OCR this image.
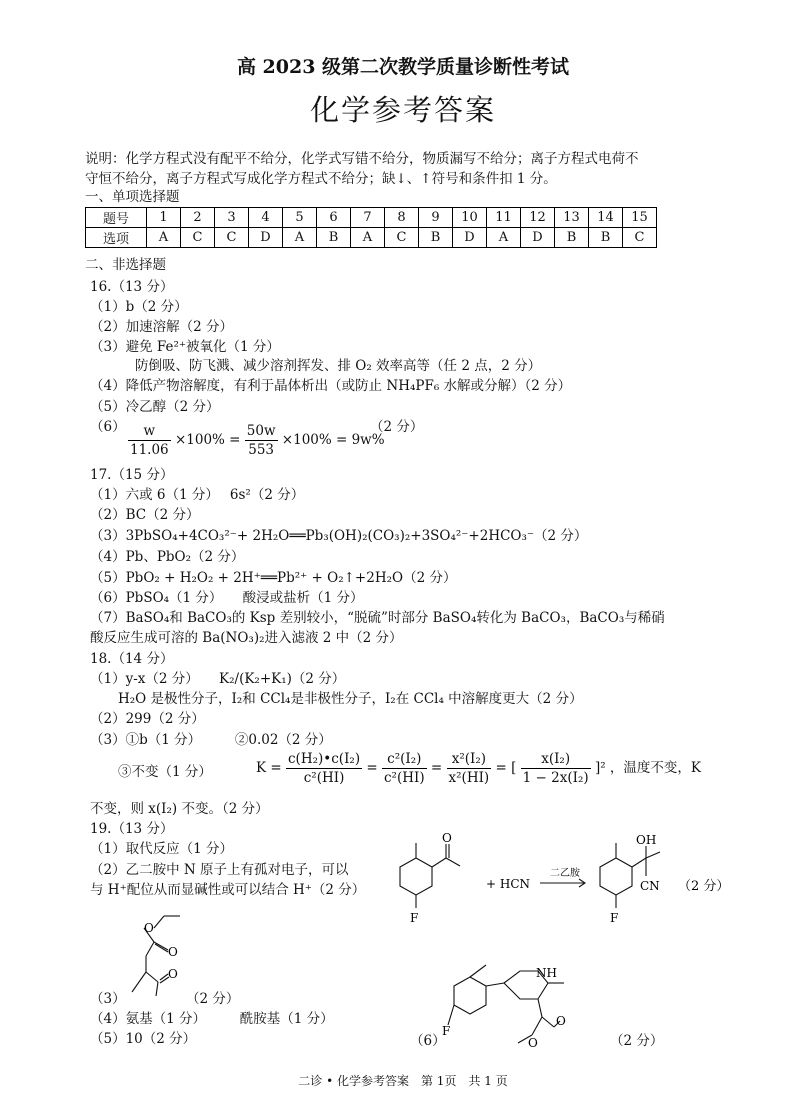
高 2023 级第二次教学质量诊断性考试
化学参考答案
说明：化学方程式没有配平不给分，化学式写错不给分，物质漏写不给分；离子方程式电荷不
守恒不给分，离子方程式写成化学方程式不给分；缺↓、↑符号和条件扣 1 分。
一、单项选择题
题号	1	2	3	4	5	6	7	8	9	10	11	12	13	14	15
选项	A	C	C	D	A	B	A	C	B	D	A	D	B	B	C
二、非选择题
16.（13 分）
（1）b（2 分）
（2）加速溶解（2 分）
（3）避免 Fe²⁺被氧化（1 分）
防倒吸、防飞溅、减少溶剂挥发、排 O₂ 效率高等（任 2 点，2 分）
（4）降低产物溶解度，有利于晶体析出（或防止 NH₄PF₆ 水解或分解）（2 分）
（5）冷乙醇（2 分）
$(6) \frac{w}{11.06} \times 100\% = \frac{50w}{553} \times 100\% = 9w\%$
（2 分）
17.（15 分）
（1）六或 6（1 分）　 6s²（2 分）
（2）BC（2 分）
（3）3PbSO₄+4CO₃²⁻+ 2H₂O══Pb₃(OH)₂(CO₃)₂+3SO₄²⁻+2HCO₃⁻（2 分）
（4）Pb、PbO₂（2 分）
（5）PbO₂ + H₂O₂ + 2H⁺══Pb²⁺ + O₂↑+2H₂O（2 分）
（6）PbSO₄（1 分）　　酸浸或盐析（1 分）
（7）BaSO₄和 BaCO₃的 Ksp 差别较小，“脱硫”时部分 BaSO₄转化为 BaCO₃，BaCO₃与稀硝
酸反应生成可溶的 Ba(NO₃)₂进入滤液 2 中（2 分）
18.（14 分）
（1）y-x（2 分）　　K₂/(K₂+K₁)（2 分）
H₂O 是极性分子，I₂和 CCl₄是非极性分子，I₂在 CCl₄ 中溶解度更大（2 分）
（2）299（2 分）
（3）①b（1 分）　　　②0.02（2 分）
③不变（1 分）	$K = \frac{\text{c(H₂)•c(I₂)}}{\text{c²(HI)}} = \frac{\text{c²(I₂)}}{\text{c²(HI)}} = \frac{\text{x²(I₂)}}{\text{x²(HI)}}$ = [ $\frac{\text{x(I₂)}}{\text{1 − 2x(I₂)}} ]^2$ ，温度不变，K
不变，则 x(I₂) 不变。（2 分）
19.（13 分）
（1）取代反应（1 分）
（2）乙二胺中 N 原子上有孤对电子，可以
与 H⁺配位从而显碱性或可以结合 H⁺（2 分）
O
F
+ HCN
二乙胺
OH
CN
F
（2 分）
O
O
O
（3）	（2 分）
（4）氨基（1 分）　　　酰胺基（1 分）
（5）10（2 分）
NH
O
O
F
（6）	（2 分）
二诊 • 化学参考答案　第 1页　共 1 页
